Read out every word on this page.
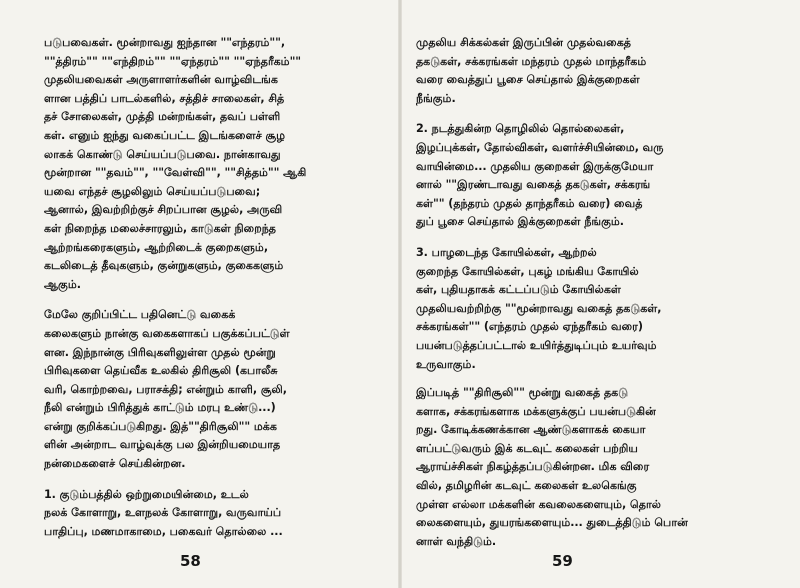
படுபவைகள். மூன்றாவது ஐந்தான ""எந்தரம்"",
""த்திரம்"" ""எந்திறம்"" ""ஏந்தரம்"" ""ஏந்தரீகம்""
முதலியவைகள் அருளாளர்களின் வாழ்விடங்க
ளான பத்திப் பாடல்களில், சத்திச் சாலைகள், சித்
தச் சோலைகள், முத்தி மன்றங்கள், தவப் பள்ளி
கள். எனும் ஐந்து வகைப்பட்ட இடங்களைச் சூழ
லாகக் கொண்டு செய்யப்படுபவை. நான்காவது
மூன்றான ""தவம்"", ""வேள்வி"", ""சித்தம்"" ஆகி
யவை எந்தச் சூழலிலும் செய்யப்படுபவை;
ஆனால், இவற்றிற்குச் சிறப்பான சூழல், அருவி
கள் நிறைந்த மலைச்சாரலும், காடுகள் நிறைந்த
ஆற்றங்கரைகளும், ஆற்றிடைக் குறைகளும்,
கடலிடைத் தீவுகளும், குன்றுகளும், குகைகளும்
ஆகும்.
மேலே குறிப்பிட்ட பதினெட்டு வகைக்
கலைகளும் நான்கு வகைகளாகப் பகுக்கப்பட்டுள்
ளன. இந்நான்கு பிரிவுகளிலுள்ள முதல் மூன்று
பிரிவுகளை தெய்வீக உலகில் திரிசூலி (கபாலீசு
வரி, கொற்றவை, பராசக்தி; என்றும் காளி, சூலி,
நீலி என்றும் பிரித்துக் காட்டும் மரபு உண்டு...)
என்று குறிக்கப்படுகிறது. இத்""திரிசூலி"" மக்க
ளின் அன்றாட வாழ்வுக்கு பல இன்றியமையாத
நன்மைகளைச் செய்கின்றன.
1. குடும்பத்தில் ஒற்றுமையின்மை, உடல்
நலக் கோளாறு, உளநலக் கோளாறு, வருவாய்ப்
பாதிப்பு, மணமாகாமை, பகைவர் தொல்லை ...
58
முதலிய சிக்கல்கள் இருப்பின் முதல்வகைத்
தகடுகள், சக்கரங்கள் மந்தரம் முதல் மாந்தரீகம்
வரை வைத்துப் பூசை செய்தால் இக்குறைகள்
நீங்கும்.
2. நடத்துகின்ற தொழிலில் தொல்லைகள்,
இழப்புக்கள், தோல்விகள், வளர்ச்சியின்மை, வரு
வாயின்மை... முதலிய குறைகள் இருக்குமேயா
னால் ""இரண்டாவது வகைத் தகடுகள், சக்கரங்
கள்"" (தந்தரம் முதல் தாந்தரீகம் வரை) வைத்
துப் பூசை செய்தால் இக்குறைகள் நீங்கும்.
3. பாழடைந்த கோயில்கள், ஆற்றல்
குறைந்த கோயில்கள், புகழ் மங்கிய கோயில்
கள், புதியதாகக் கட்டப்படும் கோயில்கள்
முதலியவற்றிற்கு ""மூன்றாவது வகைத் தகடுகள்,
சக்கரங்கள்"" (எந்தரம் முதல் ஏந்தரீகம் வரை)
பயன்படுத்தப்பட்டால் உயிர்த்துடிப்பும் உயர்வும்
உருவாகும்.
இப்படித் ""திரிசூலி"" மூன்று வகைத் தகடு
களாக, சக்கரங்களாக மக்களுக்குப் பயன்படுகின்
றது. கோடிக்கணக்கான ஆண்டுகளாகக் கையா
ளப்பட்டுவரும் இக் கடவுட் கலைகள் பற்றிய
ஆராய்ச்சிகள் நிகழ்த்தப்படுகின்றன. மிக விரை
வில், தமிழரின் கடவுட் கலைகள் உலகெங்கு
முள்ள எல்லா மக்களின் கவலைகளையும், தொல்
லைகளையும், துயரங்களையும்... துடைத்திடும் பொன்
னாள் வந்திடும்.
59
